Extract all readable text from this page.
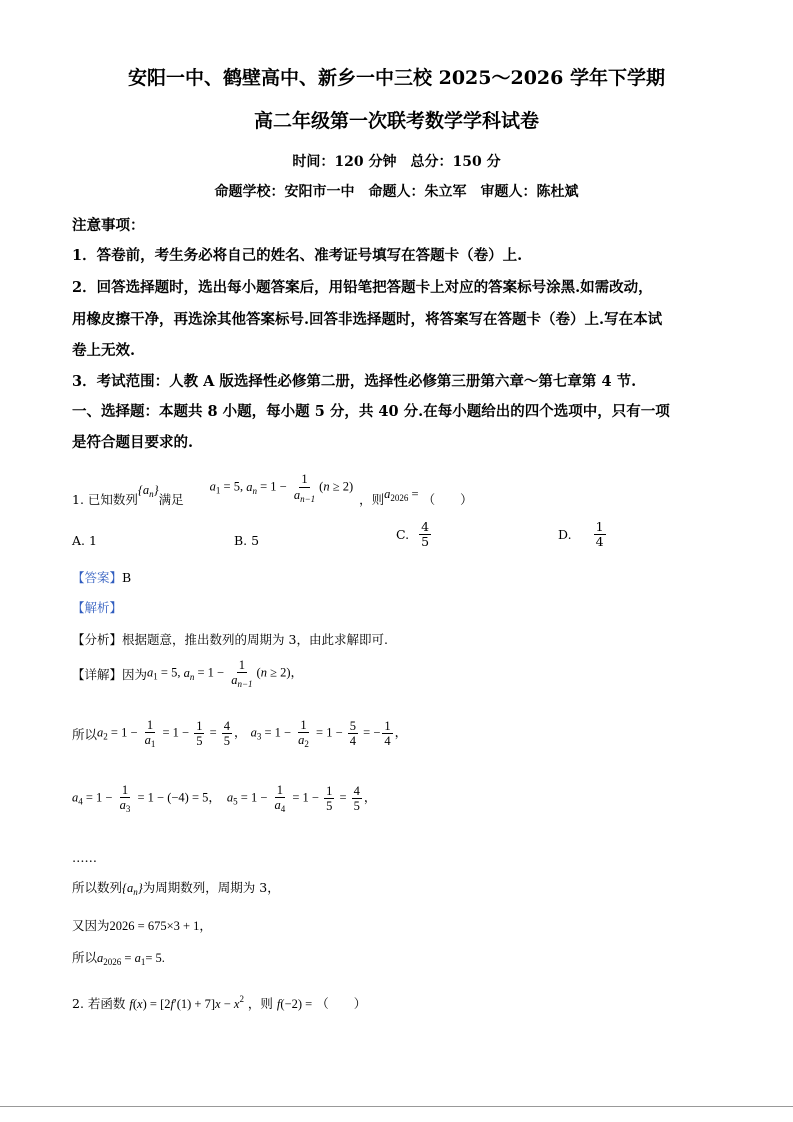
安阳一中、鹤壁高中、新乡一中三校 2025～2026 学年下学期
高二年级第一次联考数学学科试卷
时间：120 分钟　总分：150 分
命题学校：安阳市一中　命题人：朱立军　审题人：陈杜斌
注意事项：
1．答卷前，考生务必将自己的姓名、准考证号填写在答题卡（卷）上.
2．回答选择题时，选出每小题答案后，用铅笔把答题卡上对应的答案标号涂黑.如需改动，
用橡皮擦干净，再选涂其他答案标号.回答非选择题时，将答案写在答题卡（卷）上.写在本试
卷上无效.
3．考试范围：人教 A 版选择性必修第二册，选择性必修第三册第六章～第七章第 4 节.
一、选择题：本题共 8 小题，每小题 5 分，共 40 分.在每小题给出的四个选项中，只有一项
是符合题目要求的.
1. 已知数列
$\{a_n\}$
满足
$a_1 = 5$, $a_n = 1 - \frac{1}{a_{n-1}} (n \ge 2)$
，则 $a_{2026}$ = （　　）
A. 1	B. 5	C. $\frac{4}{5}$	D. $\frac{1}{4}$
【答案】B
【解析】
【分析】根据题意，推出数列的周期为 3，由此求解即可.
【详解】 因为 $a_1 = 5$, $a_n = 1 - \frac{1}{a_{n-1}} (n \ge 2)$，
所以 $a_2 = 1 - \frac{1}{a_1} = 1 - \frac{1}{5} = \frac{4}{5}$ ， $a_3 = 1 - \frac{1}{a_2} = 1 - \frac{5}{4}$ = − $\frac{1}{4}$ ，
$a_4 = 1 - \frac{1}{a_3} = 1 - (-4) = 5$， $a_5 = 1 - \frac{1}{a_4} = 1 - \frac{1}{5} = \frac{4}{5}$ ，
……
所以数列$\{a_n\}$为周期数列，周期为 3，
又因为2026 = 675×3 + 1，
所以$a_{2026} = a_1= 5$.
2. 若函数 $f(x) = [2f'(1) + 7]x - x^2$ ，则 f(−2) = （　　）
